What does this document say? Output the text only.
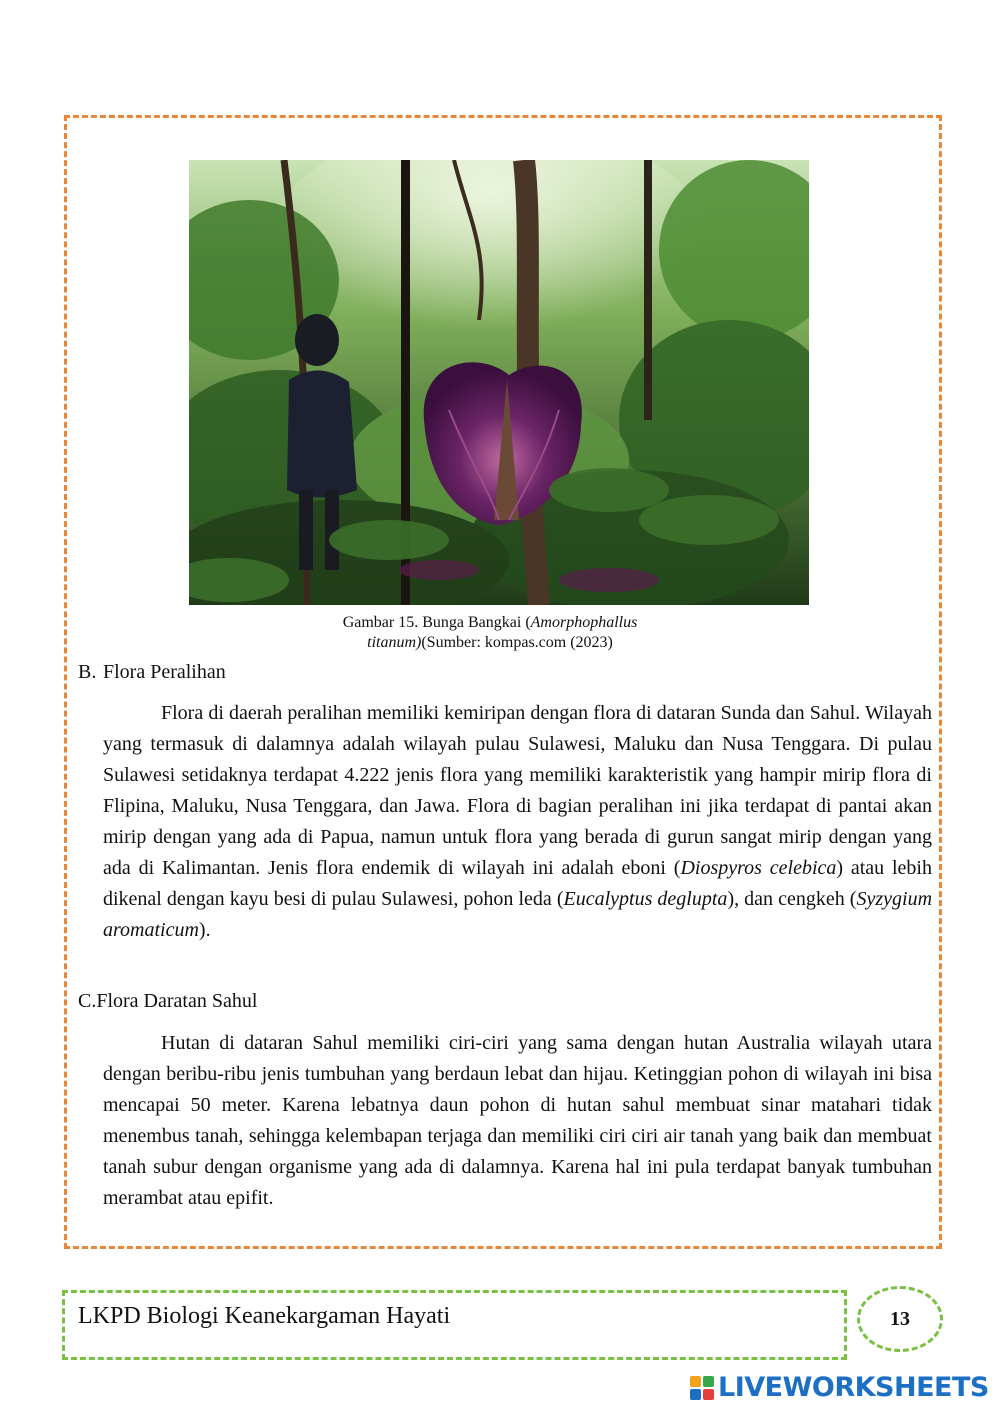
Gambar 15. Bunga Bangkai (Amorphophallus
titanum)(Sumber: kompas.com (2023)
B. Flora Peralihan

Flora di daerah peralihan memiliki kemiripan dengan flora di dataran Sunda dan Sahul. Wilayah yang termasuk di dalamnya adalah wilayah pulau Sulawesi, Maluku dan Nusa Tenggara. Di pulau Sulawesi setidaknya terdapat 4.222 jenis flora yang memiliki karakteristik yang hampir mirip flora di Flipina, Maluku, Nusa Tenggara, dan Jawa. Flora di bagian peralihan ini jika terdapat di pantai akan mirip dengan yang ada di Papua, namun untuk flora yang berada di gurun sangat mirip dengan yang ada di Kalimantan. Jenis flora endemik di wilayah ini adalah eboni (Diospyros celebica) atau lebih dikenal dengan kayu besi di pulau Sulawesi, pohon leda (Eucalyptus deglupta), dan cengkeh (Syzygium aromaticum).

C.Flora Daratan Sahul

Hutan di dataran Sahul memiliki ciri-ciri yang sama dengan hutan Australia wilayah utara dengan beribu-ribu jenis tumbuhan yang berdaun lebat dan hijau. Ketinggian pohon di wilayah ini bisa mencapai 50 meter. Karena lebatnya daun pohon di hutan sahul membuat sinar matahari tidak menembus tanah, sehingga kelembapan terjaga dan memiliki ciri ciri air tanah yang baik dan membuat tanah subur dengan organisme yang ada di dalamnya. Karena hal ini pula terdapat banyak tumbuhan merambat atau epifit.

LKPD Biologi Keanekargaman Hayati	13
LIVEWORKSHEETS
